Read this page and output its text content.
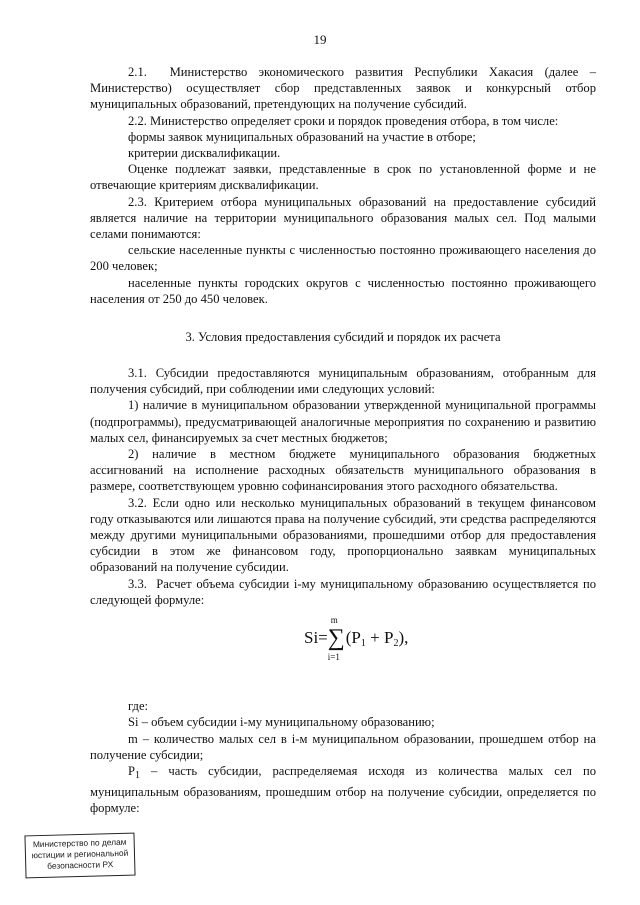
19

2.1.  Министерство экономического развития Республики Хакасия (далее – Министерство) осуществляет сбор представленных заявок и конкурсный отбор муниципальных образований, претендующих на получение субсидий.

2.2. Министерство определяет сроки и порядок проведения отбора, в том числе:

формы заявок муниципальных образований на участие в отборе;

критерии дисквалификации.

Оценке подлежат заявки, представленные в срок по установленной форме и не отвечающие критериям дисквалификации.

2.3. Критерием отбора муниципальных образований на предоставление субсидий является наличие на территории муниципального образования малых сел. Под малыми селами понимаются:

сельские населенные пункты с численностью постоянно проживающего населения до 200 человек;

населенные пункты городских округов с численностью постоянно проживающего населения от 250 до 450 человек.

3. Условия предоставления субсидий и порядок их расчета

3.1. Субсидии предоставляются муниципальным образованиям, отобранным для получения субсидий, при соблюдении ими следующих условий:

1) наличие в муниципальном образовании утвержденной муниципальной программы (подпрограммы), предусматривающей аналогичные мероприятия по сохранению и развитию малых сел, финансируемых за счет местных бюджетов;

2) наличие в местном бюджете муниципального образования бюджетных ассигнований на исполнение расходных обязательств муниципального образования в размере, соответствующем уровню софинансирования этого расходного обязательства.

3.2. Если одно или несколько муниципальных образований в текущем финансовом году отказываются или лишаются права на получение субсидий, эти средства распределяются между другими муниципальными образованиями, прошедшими отбор для предоставления субсидии в этом же финансовом году, пропорционально заявкам муниципальных образований на получение субсидии.

3.3.  Расчет объема субсидии i-му муниципальному образованию осуществляется по следующей формуле:

Si=
m
∑
i=1
$(P_1 + P_2)$,

где:

Si – объем субсидии i-му муниципальному образованию;

m – количество малых сел в i-м муниципальном образовании, прошедшем отбор на получение субсидии;

$P_1$ – часть субсидии, распределяемая исходя из количества малых сел по муниципальным образованиям, прошедшим отбор на получение субсидии, определяется по формуле:

Министерство по делам
юстиции и региональной
безопасности РХ
